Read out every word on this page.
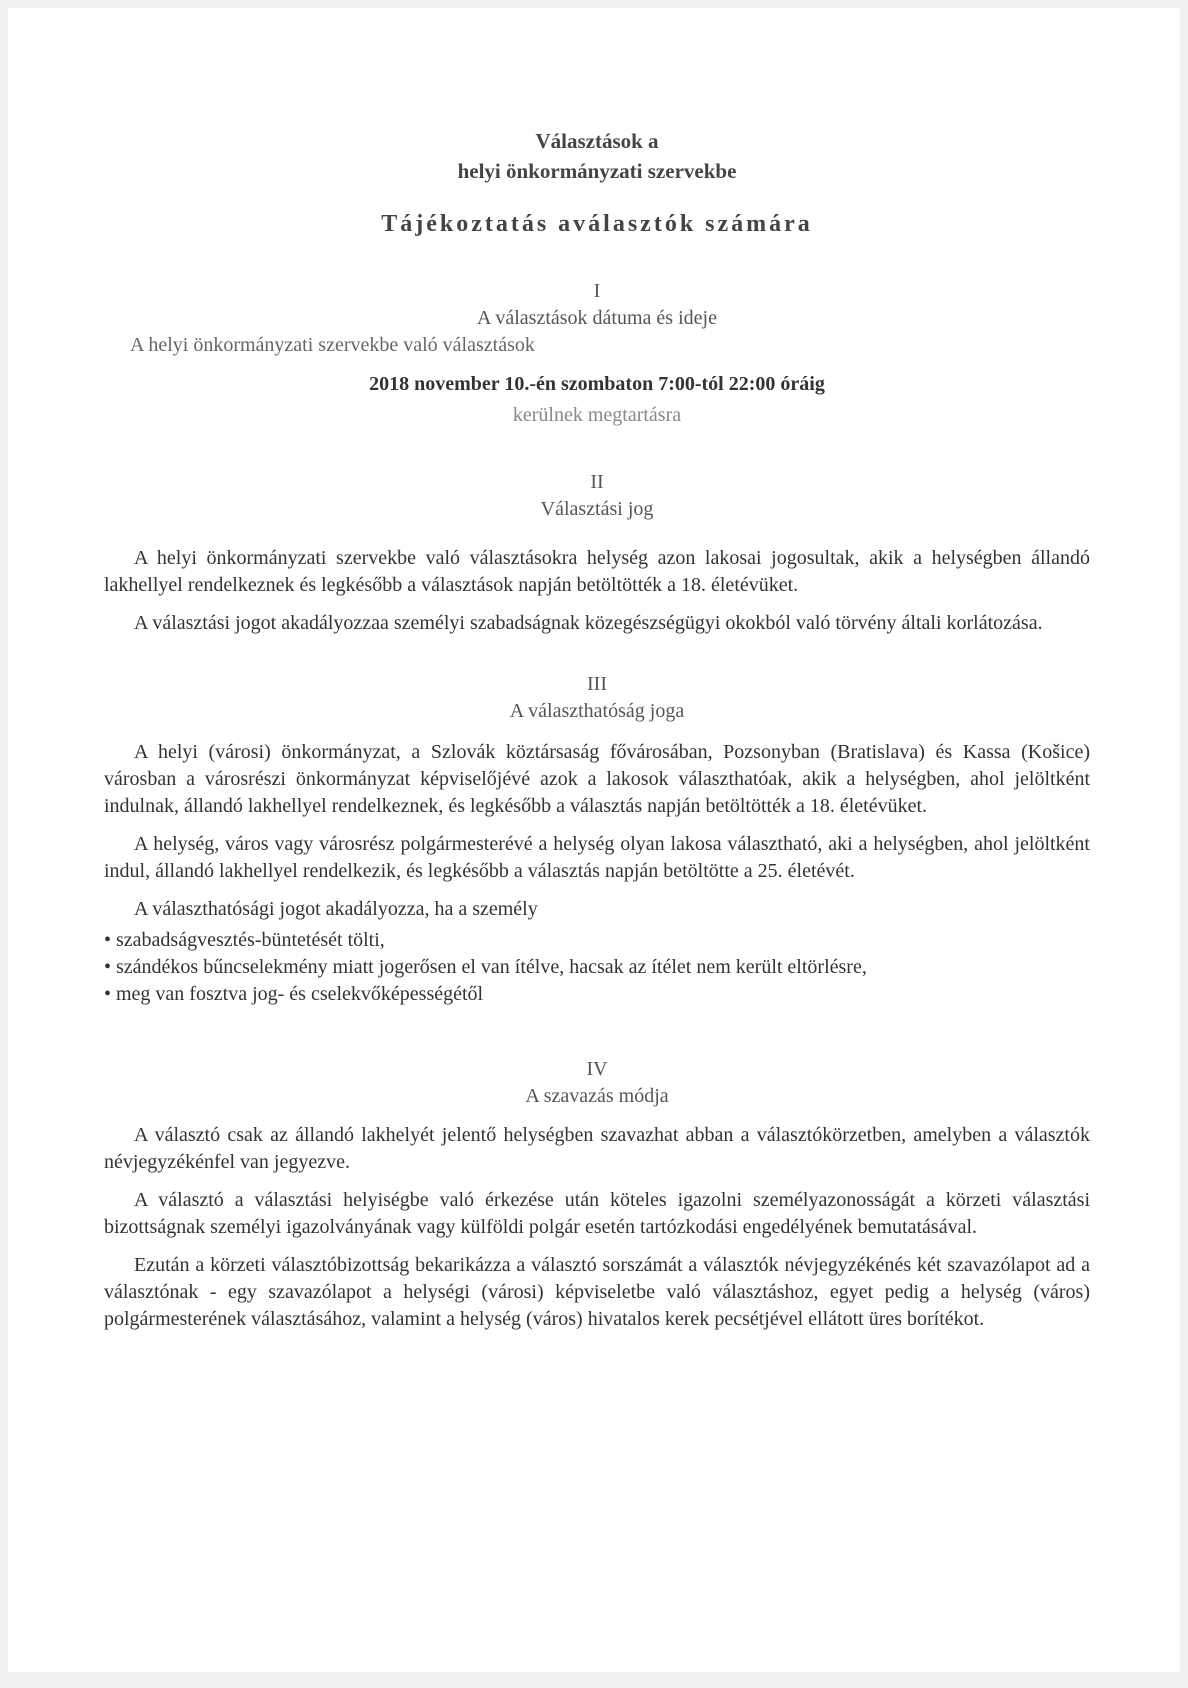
Választások a
helyi önkormányzati szervekbe
Tájékoztatás aválasztók számára
I
A választások dátuma és ideje
A helyi önkormányzati szervekbe való választások
2018 november 10.-én szombaton 7:00-tól 22:00 óráig
kerülnek megtartásra
II
Választási jog

A helyi önkormányzati szervekbe való választásokra helység azon lakosai jogosultak, akik a helységben állandó lakhellyel rendelkeznek és legkésőbb a választások napján betöltötték a 18. életévüket.

A választási jogot akadályozzaa személyi szabadságnak közegészségügyi okokból való törvény általi korlátozása.

III
A választhatóság joga

A helyi (városi) önkormányzat, a Szlovák köztársaság fővárosában, Pozsonyban (Bratislava) és Kassa (Košice) városban a városrészi önkormányzat képviselőjévé azok a lakosok választhatóak, akik a helységben, ahol jelöltként indulnak, állandó lakhellyel rendelkeznek, és legkésőbb a választás napján betöltötték a 18. életévüket.

A helység, város vagy városrész polgármesterévé a helység olyan lakosa választható, aki a helységben, ahol jelöltként indul, állandó lakhellyel rendelkezik, és legkésőbb a választás napján betöltötte a 25. életévét.

A választhatósági jogot akadályozza, ha a személy
• szabadságvesztés-büntetését tölti,
• szándékos bűncselekmény miatt jogerősen el van ítélve, hacsak az ítélet nem került eltörlésre,
• meg van fosztva jog- és cselekvőképességétől
IV
A szavazás módja

A választó csak az állandó lakhelyét jelentő helységben szavazhat abban a választókörzetben, amelyben a választók névjegyzékénfel van jegyezve.

A választó a választási helyiségbe való érkezése után köteles igazolni személyazonosságát a körzeti választási bizottságnak személyi igazolványának vagy külföldi polgár esetén tartózkodási engedélyének bemutatásával.

Ezután a körzeti választóbizottság bekarikázza a választó sorszámát a választók névjegyzékénés két szavazólapot ad a választónak - egy szavazólapot a helységi (városi) képviseletbe való választáshoz, egyet pedig a helység (város) polgármesterének választásához, valamint a helység (város) hivatalos kerek pecsétjével ellátott üres borítékot.
